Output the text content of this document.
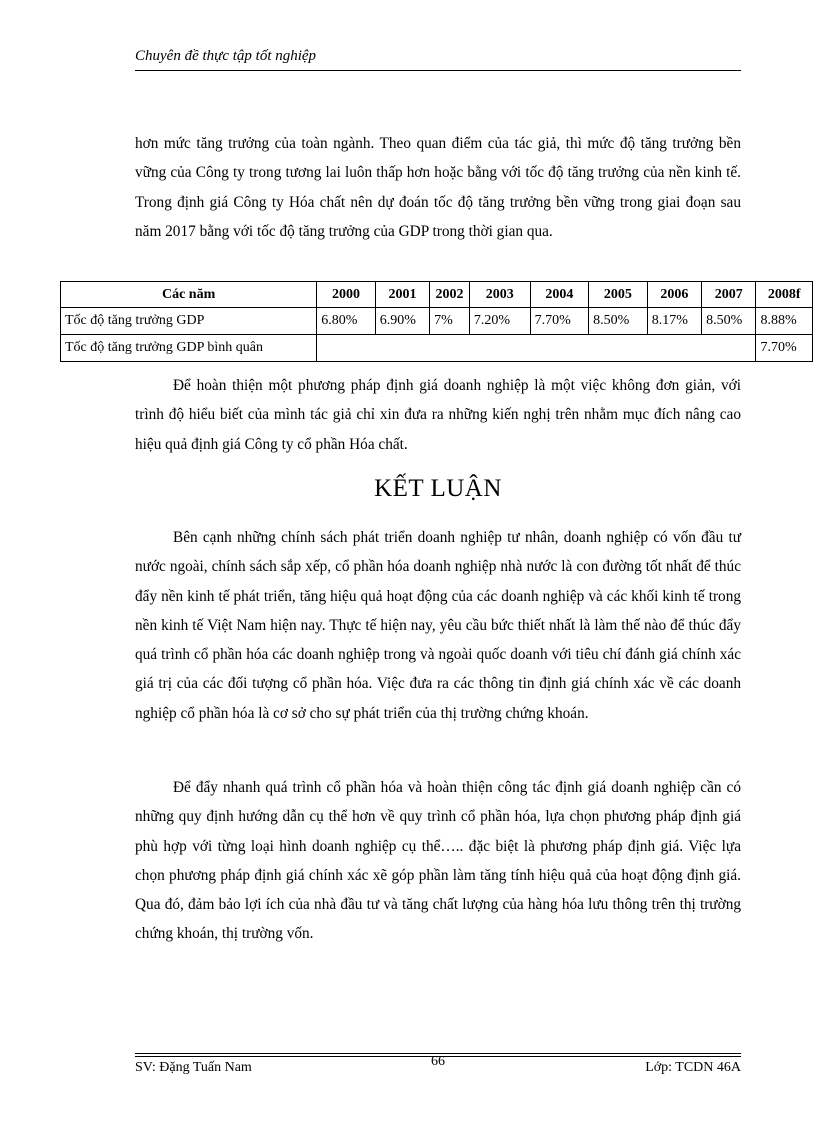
Chuyên đề thực tập tốt nghiệp

hơn mức tăng trưởng của toàn ngành. Theo quan điểm của tác giả, thì mức độ tăng trưởng bền vững của Công ty trong tương lai luôn thấp hơn hoặc bằng với tốc độ tăng trưởng của nền kinh tế. Trong định giá Công ty Hóa chất nên dự đoán tốc độ tăng trưởng bền vững trong giai đoạn sau năm 2017 bằng với tốc độ tăng trưởng của GDP trong thời gian qua.

Các năm	2000	2001	2002	2003	2004	2005	2006	2007	2008f
Tốc độ tăng trưởng GDP	6.80%	6.90%	7%	7.20%	7.70%	8.50%	8.17%	8.50%	8.88%
Tốc độ tăng trưởng GDP bình quân									7.70%

Để hoàn thiện một phương pháp định giá doanh nghiệp là một việc không đơn giản, với trình độ hiểu biết của mình tác giả chỉ xin đưa ra những kiến nghị trên nhằm mục đích nâng cao hiệu quả định giá Công ty cổ phần Hóa chất.

KẾT LUẬN

Bên cạnh những chính sách phát triển doanh nghiệp tư nhân, doanh nghiệp có vốn đầu tư nước ngoài, chính sách sắp xếp, cổ phần hóa doanh nghiệp nhà nước là con đường tốt nhất để thúc đẩy nền kinh tế phát triển, tăng hiệu quả hoạt động của các doanh nghiệp và các khối kinh tế trong nền kinh tế Việt Nam hiện nay. Thực tế hiện nay, yêu cầu bức thiết nhất là làm thế nào để thúc đẩy quá trình cổ phần hóa các doanh nghiệp trong và ngoài quốc doanh với tiêu chí đánh giá chính xác giá trị của các đối tượng cổ phần hóa. Việc đưa ra các thông tin định giá chính xác về các doanh nghiệp cổ phần hóa là cơ sở cho sự phát triển của thị trường chứng khoán.

Để đẩy nhanh quá trình cổ phần hóa và hoàn thiện công tác định giá doanh nghiệp cần có những quy định hướng dẫn cụ thể hơn về quy trình cổ phần hóa, lựa chọn phương pháp định giá phù hợp với từng loại hình doanh nghiệp cụ thể….. đặc biệt là phương pháp định giá. Việc lựa chọn phương pháp định giá chính xác xẽ góp phần làm tăng tính hiệu quả của hoạt động định giá. Qua đó, đảm bảo lợi ích của nhà đầu tư và tăng chất lượng của hàng hóa lưu thông trên thị trường chứng khoán, thị trường vốn.

SV: Đặng Tuấn Nam	66	Lớp: TCDN 46A
